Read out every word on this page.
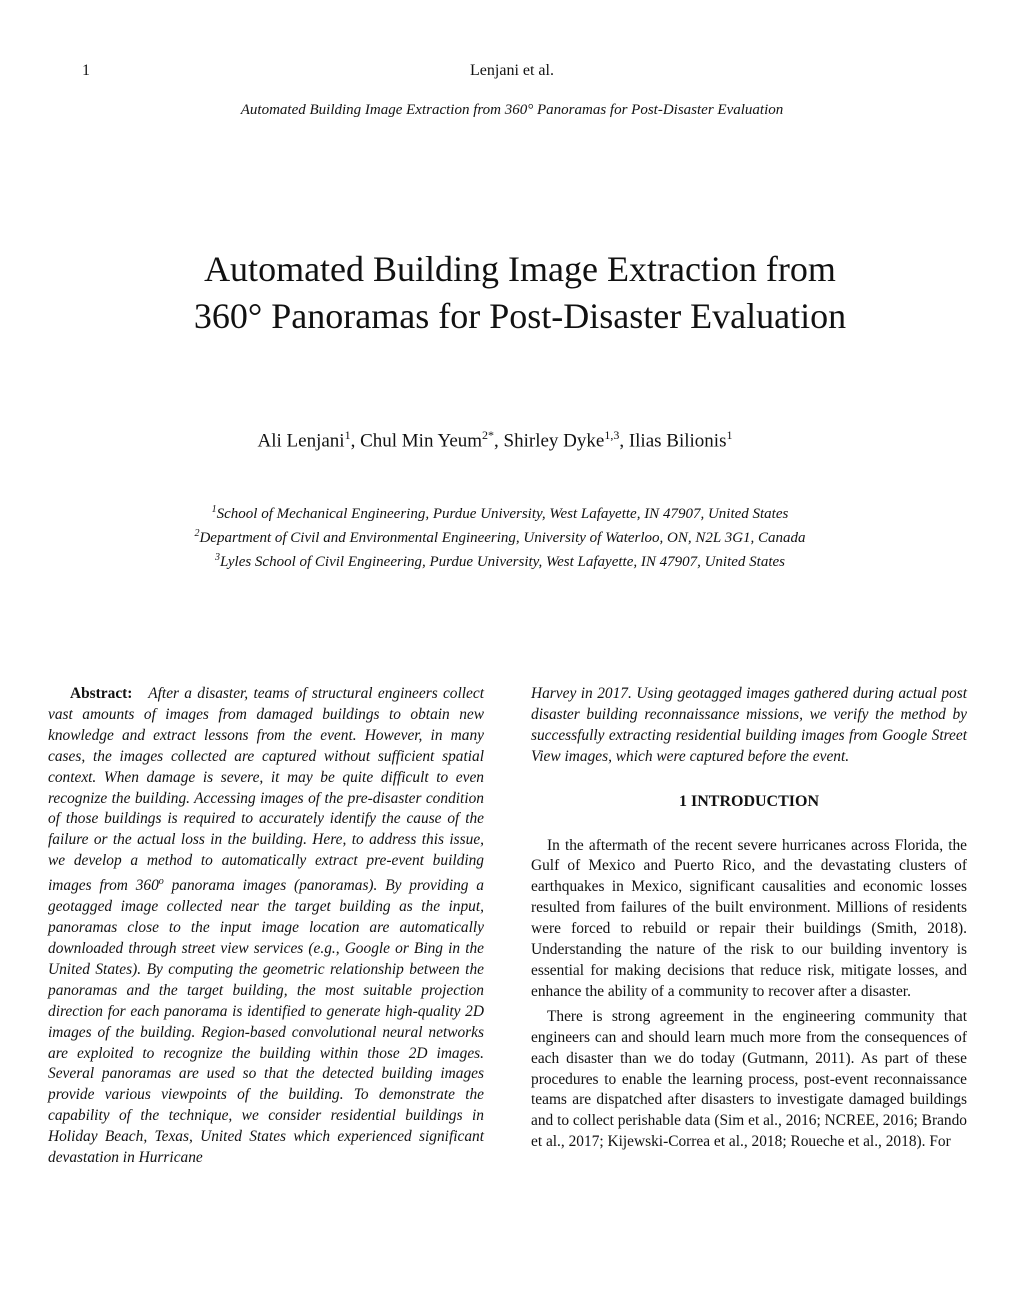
1	Lenjani et al.
Automated Building Image Extraction from 360° Panoramas for Post-Disaster Evaluation
Automated Building Image Extraction from
360° Panoramas for Post-Disaster Evaluation
Ali Lenjani$^1$, Chul Min Yeum$^{2*}$, Shirley Dyke$^{1,3}$, Ilias Bilionis$^1$
$^1$School of Mechanical Engineering, Purdue University, West Lafayette, IN 47907, United States
$^2$Department of Civil and Environmental Engineering, University of Waterloo, ON, N2L 3G1, Canada
$^3$Lyles School of Civil Engineering, Purdue University, West Lafayette, IN 47907, United States

Abstract: After a disaster, teams of structural engineers collect vast amounts of images from damaged buildings to obtain new knowledge and extract lessons from the event. However, in many cases, the images collected are captured without sufficient spatial context. When damage is severe, it may be quite difficult to even recognize the building. Accessing images of the pre-disaster condition of those buildings is required to accurately identify the cause of the failure or the actual loss in the building. Here, to address this issue, we develop a method to automatically extract pre-event building images from 360$^o$ panorama images (panoramas). By providing a geotagged image collected near the target building as the input, panoramas close to the input image location are automatically downloaded through street view services (e.g., Google or Bing in the United States). By computing the geometric relationship between the panoramas and the target building, the most suitable projection direction for each panorama is identified to generate high-quality 2D images of the building. Region-based convolutional neural networks are exploited to recognize the building within those 2D images. Several panoramas are used so that the detected building images provide various viewpoints of the building. To demonstrate the capability of the technique, we consider residential buildings in Holiday Beach, Texas, United States which experienced significant devastation in Hurricane

Harvey in 2017. Using geotagged images gathered during actual post disaster building reconnaissance missions, we verify the method by successfully extracting residential building images from Google Street View images, which were captured before the event.

1 INTRODUCTION

In the aftermath of the recent severe hurricanes across Florida, the Gulf of Mexico and Puerto Rico, and the devastating clusters of earthquakes in Mexico, significant causalities and economic losses resulted from failures of the built environment. Millions of residents were forced to rebuild or repair their buildings (Smith, 2018). Understanding the nature of the risk to our building inventory is essential for making decisions that reduce risk, mitigate losses, and enhance the ability of a community to recover after a disaster.

There is strong agreement in the engineering community that engineers can and should learn much more from the consequences of each disaster than we do today (Gutmann, 2011). As part of these procedures to enable the learning process, post-event reconnaissance teams are dispatched after disasters to investigate damaged buildings and to collect perishable data (Sim et al., 2016; NCREE, 2016; Brando et al., 2017; Kijewski-Correa et al., 2018; Roueche et al., 2018). For
